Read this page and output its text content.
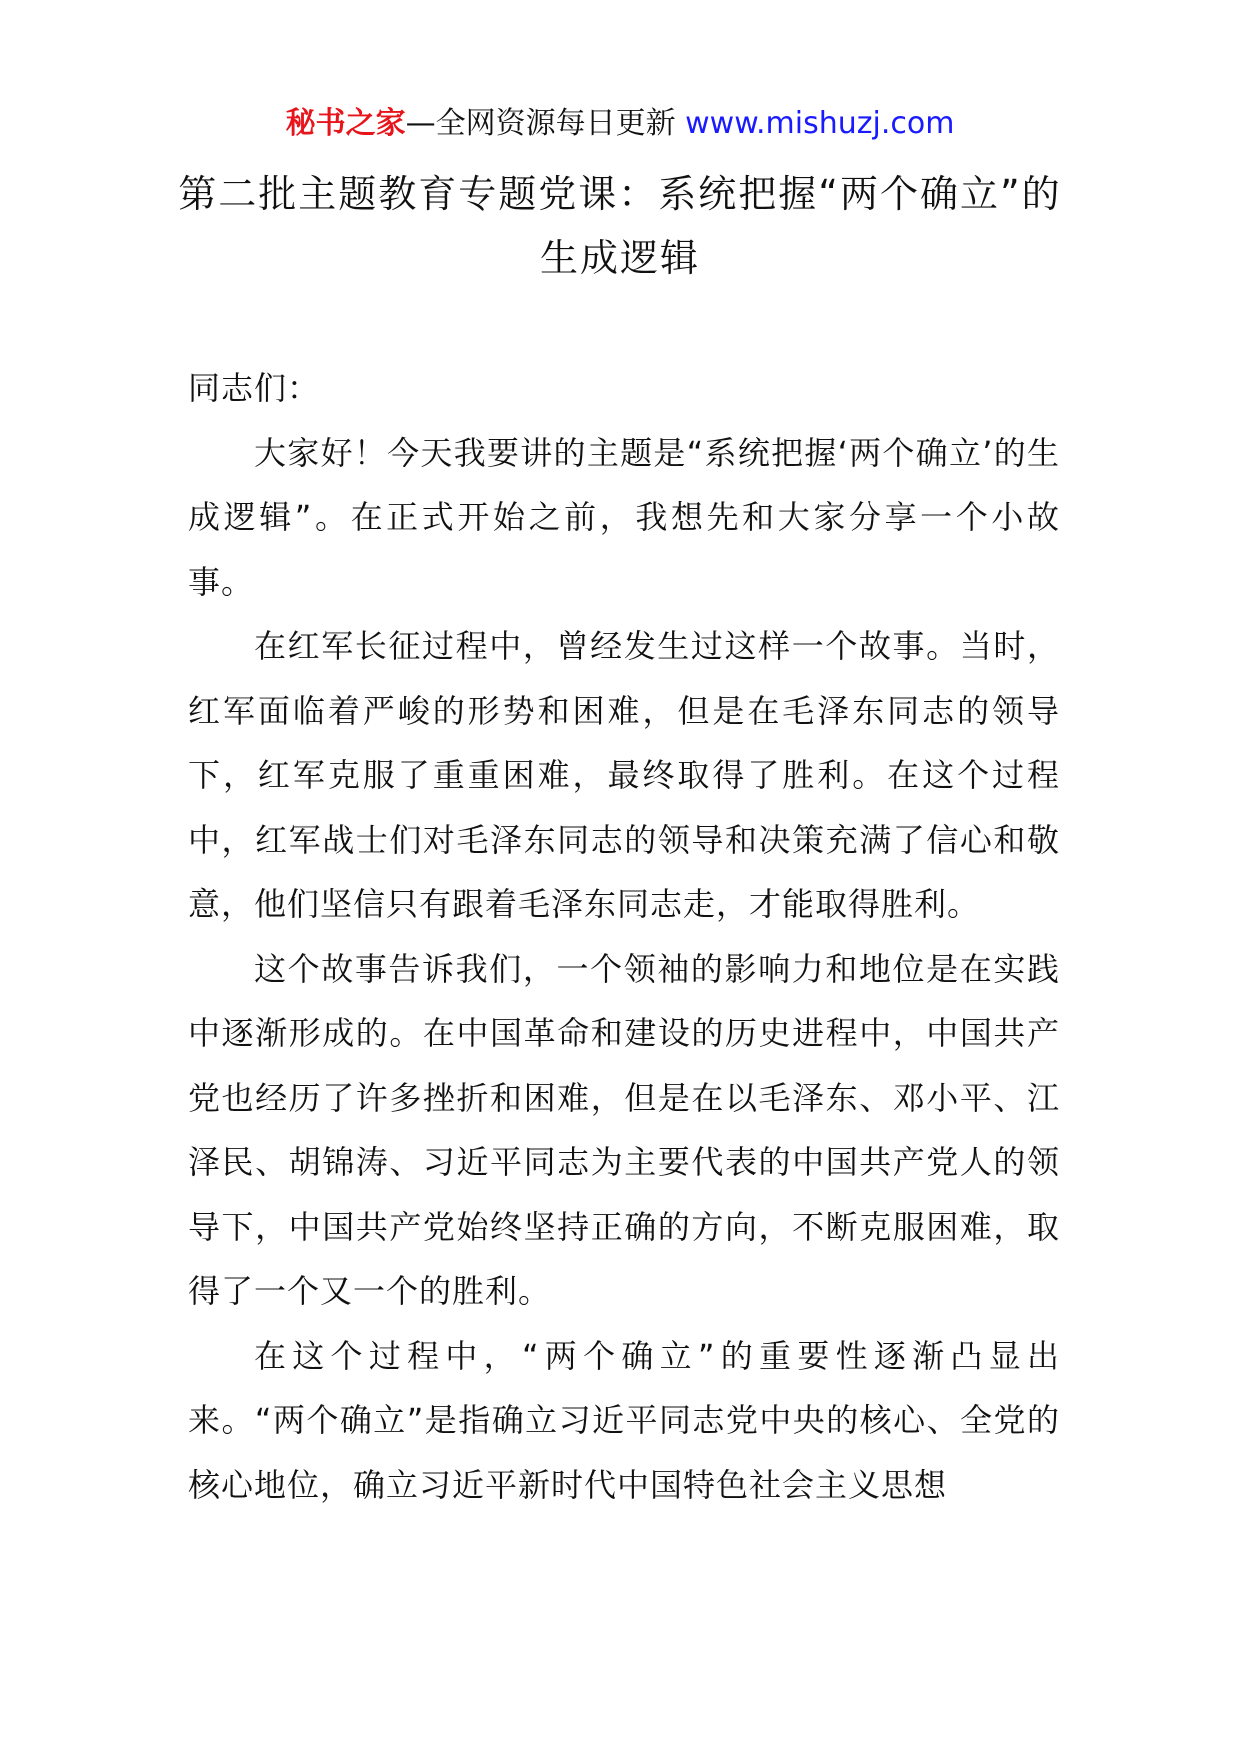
秘书之家—全网资源每日更新 www.mishuzj.com
第二批主题教育专题党课：系统把握“两个确立”的生成逻辑

同志们：

大家好！今天我要讲的主题是“系统把握‘两个确立’的生成逻辑”。在正式开始之前，我想先和大家分享一个小故事。

在红军长征过程中，曾经发生过这样一个故事。当时，红军面临着严峻的形势和困难，但是在毛泽东同志的领导下，红军克服了重重困难，最终取得了胜利。在这个过程中，红军战士们对毛泽东同志的领导和决策充满了信心和敬意，他们坚信只有跟着毛泽东同志走，才能取得胜利。

这个故事告诉我们，一个领袖的影响力和地位是在实践中逐渐形成的。在中国革命和建设的历史进程中，中国共产党也经历了许多挫折和困难，但是在以毛泽东、邓小平、江泽民、胡锦涛、习近平同志为主要代表的中国共产党人的领导下，中国共产党始终坚持正确的方向，不断克服困难，取得了一个又一个的胜利。

在这个过程中，“两个确立”的重要性逐渐凸显出来。“两个确立”是指确立习近平同志党中央的核心、全党的核心地位，确立习近平新时代中国特色社会主义思想
